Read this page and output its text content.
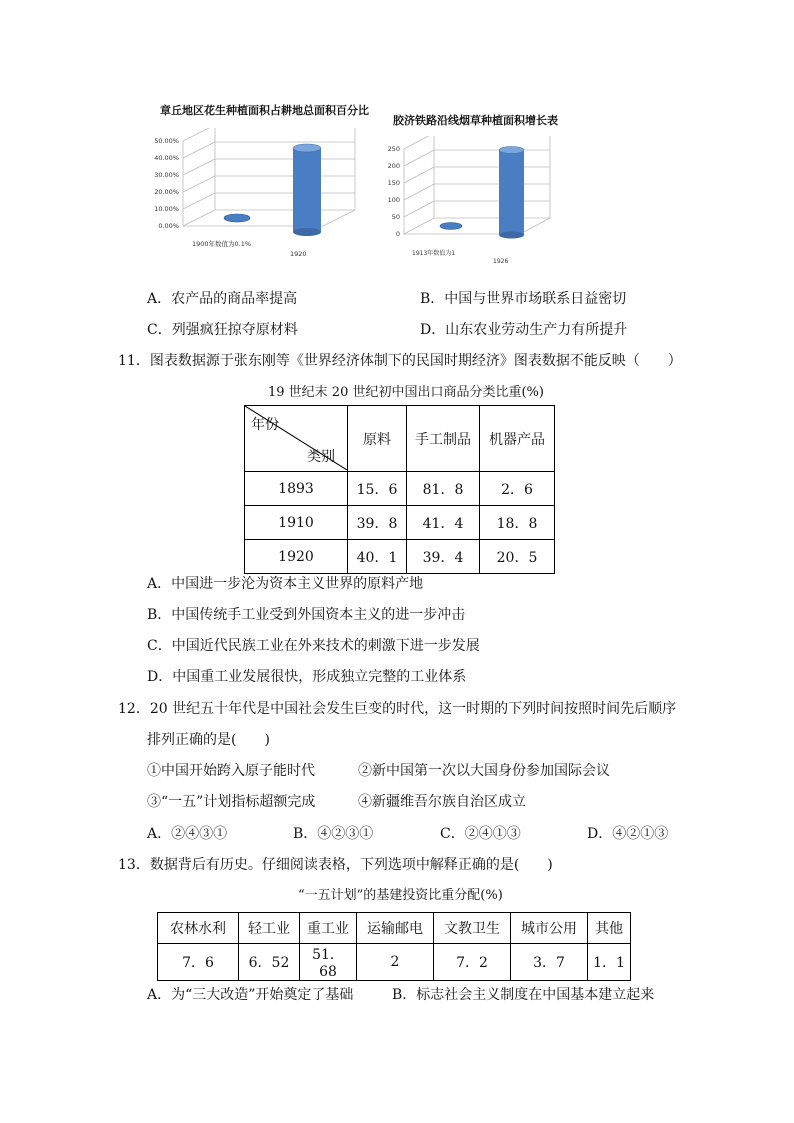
章丘地区花生种植面积占耕地总面积百分比
胶济铁路沿线烟草种植面积增长表
50.00%
40.00%
30.00%
20.00%
10.00%
0.00%
1900年数值为0.1%
1920
250
200
150
100
50
0
1913年数值为1
1926
A．农产品的商品率提高	B．中国与世界市场联系日益密切
C．列强疯狂掠夺原材料	D．山东农业劳动生产力有所提升
11．图表数据源于张东刚等《世界经济体制下的民国时期经济》图表数据不能反映（　　）
19 世纪末 20 世纪初中国出口商品分类比重(%)
年份
类别	原料	手工制品	机器产品
1893	15．6	81．8	2．6
1910	39．8	41．4	18．8
1920	40．1	39．4	20．5
A．中国进一步沦为资本主义世界的原料产地
B．中国传统手工业受到外国资本主义的进一步冲击
C．中国近代民族工业在外来技术的刺激下进一步发展
D．中国重工业发展很快，形成独立完整的工业体系
12．20 世纪五十年代是中国社会发生巨变的时代，这一时期的下列时间按照时间先后顺序
排列正确的是(　　)
①中国开始跨入原子能时代	②新中国第一次以大国身份参加国际会议
③“一五”计划指标超额完成	④新疆维吾尔族自治区成立
A．②④③①	B．④②③①	C．②④①③	D．④②①③
13．数据背后有历史。仔细阅读表格，下列选项中解释正确的是(　　)
“一五计划”的基建投资比重分配(%)
农林水利	轻工业	重工业	运输邮电	文教卫生	城市公用	其他
7．6	6．52	51．68	2	7．2	3．7	1．1
A．为“三大改造”开始奠定了基础	B．标志社会主义制度在中国基本建立起来
